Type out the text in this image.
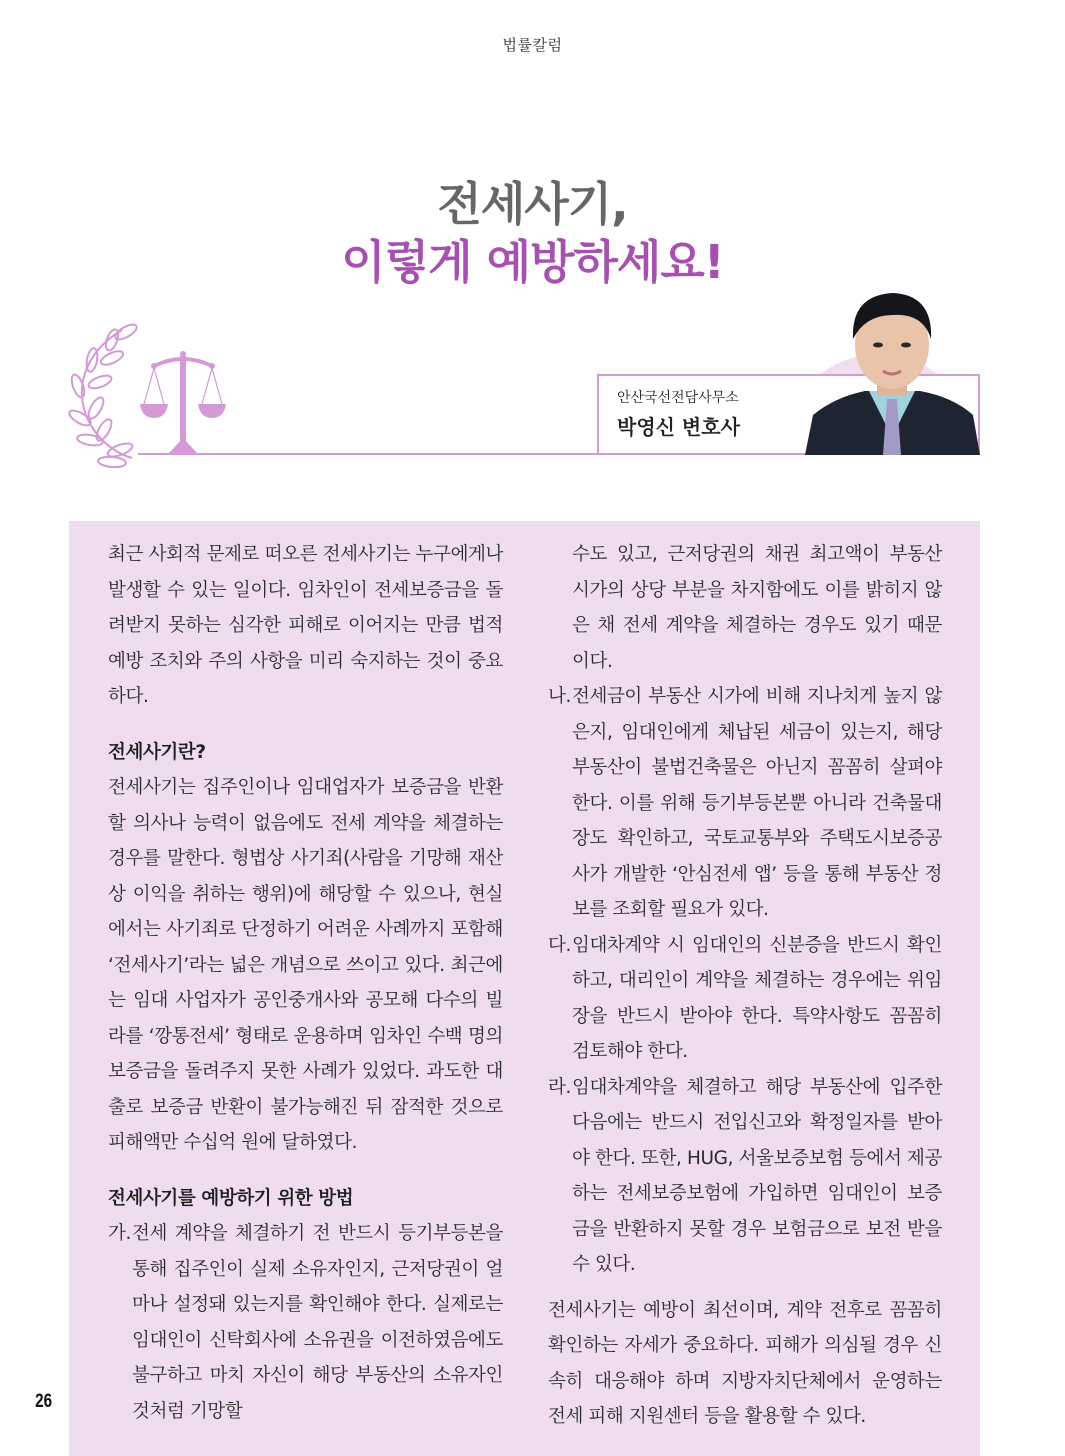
법률칼럼
전세사기,
이렇게 예방하세요!
안산국선전담사무소
박영신 변호사

최근 사회적 문제로 떠오른 전세사기는 누구에게나 발생할 수 있는 일이다. 임차인이 전세보증금을 돌려받지 못하는 심각한 피해로 이어지는 만큼 법적 예방 조치와 주의 사항을 미리 숙지하는 것이 중요하다.

전세사기란?

전세사기는 집주인이나 임대업자가 보증금을 반환할 의사나 능력이 없음에도 전세 계약을 체결하는 경우를 말한다. 형법상 사기죄(사람을 기망해 재산상 이익을 취하는 행위)에 해당할 수 있으나, 현실에서는 사기죄로 단정하기 어려운 사례까지 포함해 ‘전세사기’라는 넓은 개념으로 쓰이고 있다. 최근에는 임대 사업자가 공인중개사와 공모해 다수의 빌라를 ‘깡통전세’ 형태로 운용하며 임차인 수백 명의 보증금을 돌려주지 못한 사례가 있었다. 과도한 대출로 보증금 반환이 불가능해진 뒤 잠적한 것으로 피해액만 수십억 원에 달하였다.

전세사기를 예방하기 위한 방법
가. 전세 계약을 체결하기 전 반드시 등기부등본을 통해 집주인이 실제 소유자인지, 근저당권이 얼마나 설정돼 있는지를 확인해야 한다. 실제로는 임대인이 신탁회사에 소유권을 이전하였음에도 불구하고 마치 자신이 해당 부동산의 소유자인 것처럼 기망할
수도 있고, 근저당권의 채권 최고액이 부동산 시가의 상당 부분을 차지함에도 이를 밝히지 않은 채 전세 계약을 체결하는 경우도 있기 때문이다.
나. 전세금이 부동산 시가에 비해 지나치게 높지 않은지, 임대인에게 체납된 세금이 있는지, 해당 부동산이 불법건축물은 아닌지 꼼꼼히 살펴야 한다. 이를 위해 등기부등본뿐 아니라 건축물대장도 확인하고, 국토교통부와 주택도시보증공사가 개발한 ‘안심전세 앱’ 등을 통해 부동산 정보를 조회할 필요가 있다.
다. 임대차계약 시 임대인의 신분증을 반드시 확인하고, 대리인이 계약을 체결하는 경우에는 위임장을 반드시 받아야 한다. 특약사항도 꼼꼼히 검토해야 한다.
라. 임대차계약을 체결하고 해당 부동산에 입주한 다음에는 반드시 전입신고와 확정일자를 받아야 한다. 또한, HUG, 서울보증보험 등에서 제공하는 전세보증보험에 가입하면 임대인이 보증금을 반환하지 못할 경우 보험금으로 보전 받을 수 있다.

전세사기는 예방이 최선이며, 계약 전후로 꼼꼼히 확인하는 자세가 중요하다. 피해가 의심될 경우 신속히 대응해야 하며 지방자치단체에서 운영하는 전세 피해 지원센터 등을 활용할 수 있다.

26
